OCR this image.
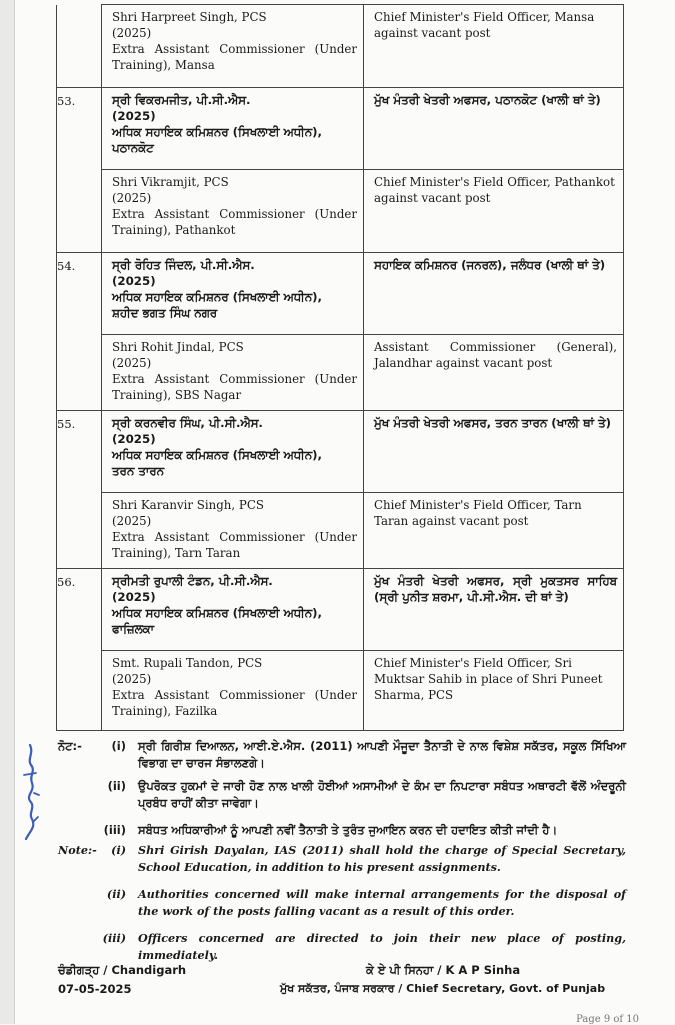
	Shri Harpreet Singh, PCS
(2025)
Extra Assistant Commissioner (Under Training), Mansa	Chief Minister's Field Officer, Mansa against vacant post

53.	ਸ੍ਰੀ ਵਿਕਰਮਜੀਤ, ਪੀ.ਸੀ.ਐਸ.
(2025)
ਅਧਿਕ ਸਹਾਇਕ ਕਮਿਸ਼ਨਰ (ਸਿਖਲਾਈ ਅਧੀਨ),
ਪਠਾਨਕੋਟ	ਮੁੱਖ ਮੰਤਰੀ ਖੇਤਰੀ ਅਫਸਰ, ਪਠਾਨਕੋਟ (ਖਾਲੀ ਥਾਂ ਤੇ)

	Shri Vikramjit, PCS
(2025)
Extra Assistant Commissioner (Under Training), Pathankot	Chief Minister's Field Officer, Pathankot against vacant post

54.	ਸ੍ਰੀ ਰੋਹਿਤ ਜਿੰਦਲ, ਪੀ.ਸੀ.ਐਸ.
(2025)
ਅਧਿਕ ਸਹਾਇਕ ਕਮਿਸ਼ਨਰ (ਸਿਖਲਾਈ ਅਧੀਨ),
ਸ਼ਹੀਦ ਭਗਤ ਸਿੰਘ ਨਗਰ	ਸਹਾਇਕ ਕਮਿਸ਼ਨਰ (ਜਨਰਲ), ਜਲੰਧਰ (ਖਾਲੀ ਥਾਂ ਤੇ)

	Shri Rohit Jindal, PCS
(2025)
Extra Assistant Commissioner (Under Training), SBS Nagar	Assistant Commissioner (General), Jalandhar against vacant post

55.	ਸ੍ਰੀ ਕਰਨਵੀਰ ਸਿੰਘ, ਪੀ.ਸੀ.ਐਸ.
(2025)
ਅਧਿਕ ਸਹਾਇਕ ਕਮਿਸ਼ਨਰ (ਸਿਖਲਾਈ ਅਧੀਨ),
ਤਰਨ ਤਾਰਨ	ਮੁੱਖ ਮੰਤਰੀ ਖੇਤਰੀ ਅਫਸਰ, ਤਰਨ ਤਾਰਨ (ਖਾਲੀ ਥਾਂ ਤੇ)

	Shri Karanvir Singh, PCS
(2025)
Extra Assistant Commissioner (Under Training), Tarn Taran	Chief Minister's Field Officer, Tarn Taran against vacant post

56.	ਸ੍ਰੀਮਤੀ ਰੁਪਾਲੀ ਟੰਡਨ, ਪੀ.ਸੀ.ਐਸ.
(2025)
ਅਧਿਕ ਸਹਾਇਕ ਕਮਿਸ਼ਨਰ (ਸਿਖਲਾਈ ਅਧੀਨ),
ਫਾਜ਼ਿਲਕਾ	ਮੁੱਖ ਮੰਤਰੀ ਖੇਤਰੀ ਅਫਸਰ, ਸ੍ਰੀ ਮੁਕਤਸਰ ਸਾਹਿਬ (ਸ੍ਰੀ ਪੁਨੀਤ ਸ਼ਰਮਾ, ਪੀ.ਸੀ.ਐਸ. ਦੀ ਥਾਂ ਤੇ)

	Smt. Rupali Tandon, PCS
(2025)
Extra Assistant Commissioner (Under Training), Fazilka	Chief Minister's Field Officer, Sri Muktsar Sahib in place of Shri Puneet Sharma, PCS
ਨੋਟ:-	(i) ਸ੍ਰੀ ਗਿਰੀਸ਼ ਦਿਆਲਨ, ਆਈ.ਏ.ਐਸ. (2011) ਆਪਣੀ ਮੌਜੂਦਾ ਤੈਨਾਤੀ ਦੇ ਨਾਲ ਵਿਸ਼ੇਸ਼ ਸਕੱਤਰ, ਸਕੂਲ ਸਿੱਖਿਆ ਵਿਭਾਗ ਦਾ ਚਾਰਜ ਸੰਭਾਲਣਗੇ।
(ii) ਉਪਰੋਕਤ ਹੁਕਮਾਂ ਦੇ ਜਾਰੀ ਹੋਣ ਨਾਲ ਖਾਲੀ ਹੋਈਆਂ ਅਸਾਮੀਆਂ ਦੇ ਕੰਮ ਦਾ ਨਿਪਟਾਰਾ ਸਬੰਧਤ ਅਥਾਰਟੀ ਵੱਲੋਂ ਅੰਦਰੂਨੀ ਪ੍ਰਬੰਧ ਰਾਹੀਂ ਕੀਤਾ ਜਾਵੇਗਾ।
(iii) ਸਬੰਧਤ ਅਧਿਕਾਰੀਆਂ ਨੂੰ ਆਪਣੀ ਨਵੀਂ ਤੈਨਾਤੀ ਤੇ ਤੁਰੰਤ ਜੁਆਇਨ ਕਰਨ ਦੀ ਹਦਾਇਤ ਕੀਤੀ ਜਾਂਦੀ ਹੈ।
Note:-	(i) Shri Girish Dayalan, IAS (2011) shall hold the charge of Special Secretary, School Education, in addition to his present assignments.
(ii) Authorities concerned will make internal arrangements for the disposal of the work of the posts falling vacant as a result of this order.
(iii) Officers concerned are directed to join their new place of posting, immediately.
ਚੰਡੀਗੜ੍ਹ / Chandigarh
07-05-2025
ਕੇ ਏ ਪੀ ਸਿਨਹਾ / K A P Sinha
ਮੁੱਖ ਸਕੱਤਰ, ਪੰਜਾਬ ਸਰਕਾਰ / Chief Secretary, Govt. of Punjab
Page 9 of 10
